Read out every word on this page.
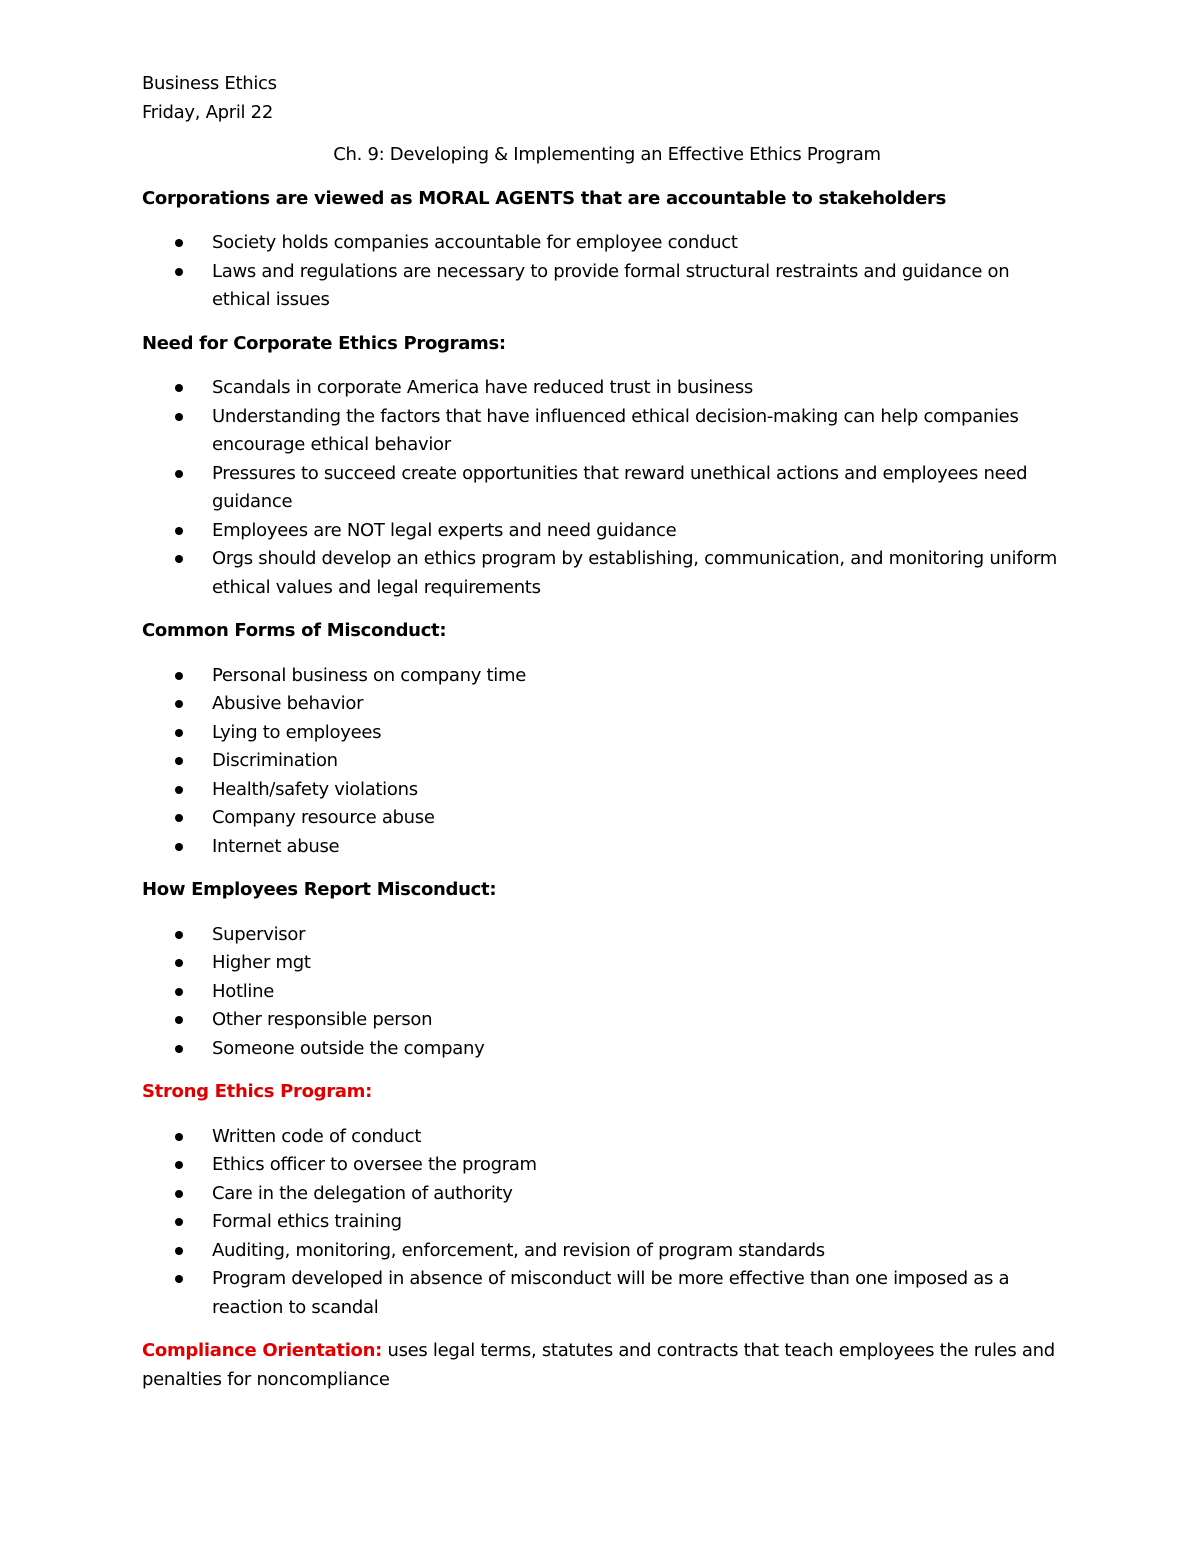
Business Ethics
Friday, April 22
Ch. 9: Developing & Implementing an Effective Ethics Program
Corporations are viewed as MORAL AGENTS that are accountable to stakeholders
Society holds companies accountable for employee conduct
Laws and regulations are necessary to provide formal structural restraints and guidance on ethical issues
Need for Corporate Ethics Programs:
Scandals in corporate America have reduced trust in business
Understanding the factors that have influenced ethical decision-making can help companies encourage ethical behavior
Pressures to succeed create opportunities that reward unethical actions and employees need guidance
Employees are NOT legal experts and need guidance
Orgs should develop an ethics program by establishing, communication, and monitoring uniform ethical values and legal requirements
Common Forms of Misconduct:
Personal business on company time
Abusive behavior
Lying to employees
Discrimination
Health/safety violations
Company resource abuse
Internet abuse
How Employees Report Misconduct:
Supervisor
Higher mgt
Hotline
Other responsible person
Someone outside the company
Strong Ethics Program:
Written code of conduct
Ethics officer to oversee the program
Care in the delegation of authority
Formal ethics training
Auditing, monitoring, enforcement, and revision of program standards
Program developed in absence of misconduct will be more effective than one imposed as a reaction to scandal
Compliance Orientation: uses legal terms, statutes and contracts that teach employees the rules and penalties for noncompliance
